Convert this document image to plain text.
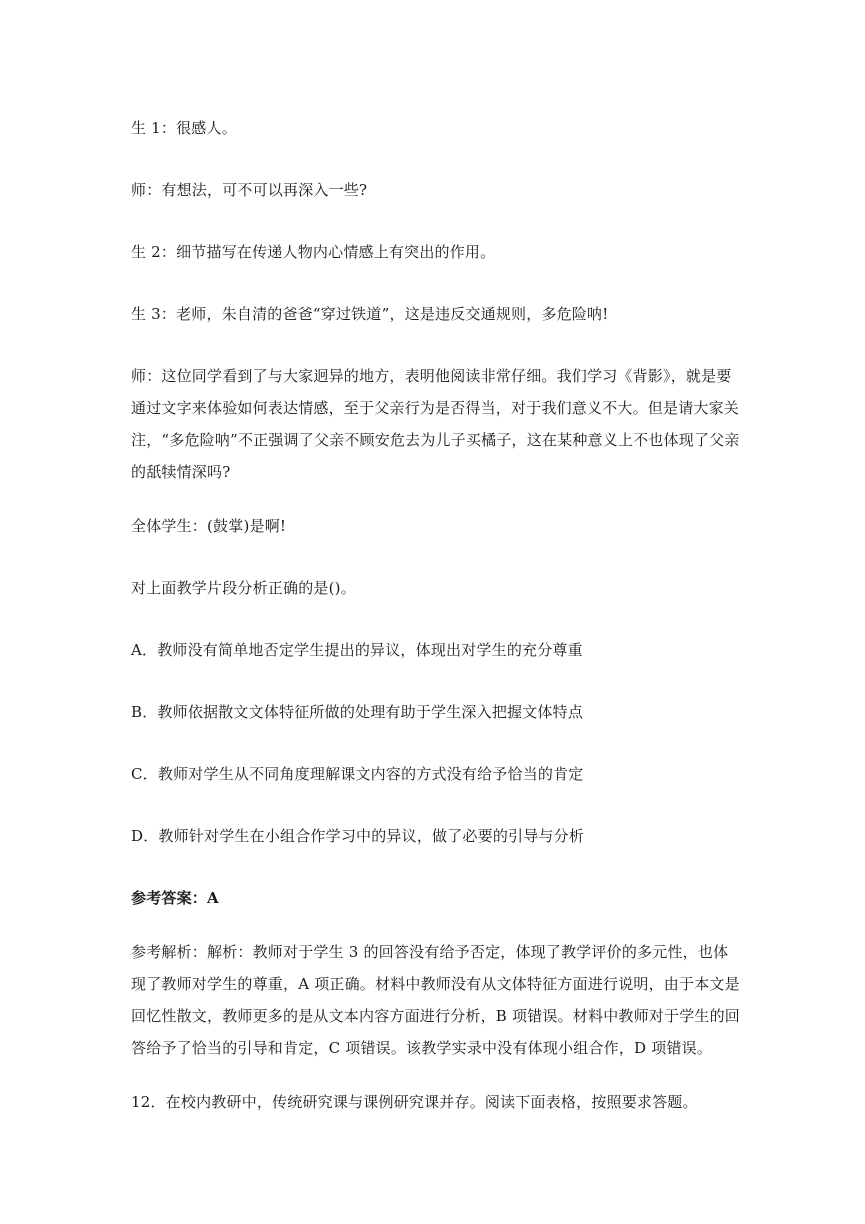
生 1：很感人。

师：有想法，可不可以再深入一些?

生 2：细节描写在传递人物内心情感上有突出的作用。

生 3：老师，朱自清的爸爸“穿过铁道”，这是违反交通规则，多危险呐!

师：这位同学看到了与大家迥异的地方，表明他阅读非常仔细。我们学习《背影》，就是要通过文字来体验如何表达情感，至于父亲行为是否得当，对于我们意义不大。但是请大家关注，“多危险呐”不正强调了父亲不顾安危去为儿子买橘子，这在某种意义上不也体现了父亲的舐犊情深吗?

全体学生：(鼓掌)是啊!

对上面教学片段分析正确的是()。

A．教师没有简单地否定学生提出的异议，体现出对学生的充分尊重

B．教师依据散文文体特征所做的处理有助于学生深入把握文体特点

C．教师对学生从不同角度理解课文内容的方式没有给予恰当的肯定

D．教师针对学生在小组合作学习中的异议，做了必要的引导与分析

参考答案：A

参考解析：解析：教师对于学生 3 的回答没有给予否定，体现了教学评价的多元性，也体现了教师对学生的尊重，A 项正确。材料中教师没有从文体特征方面进行说明，由于本文是回忆性散文，教师更多的是从文本内容方面进行分析，B 项错误。材料中教师对于学生的回答给予了恰当的引导和肯定，C 项错误。该教学实录中没有体现小组合作，D 项错误。

12．在校内教研中，传统研究课与课例研究课并存。阅读下面表格，按照要求答题。
